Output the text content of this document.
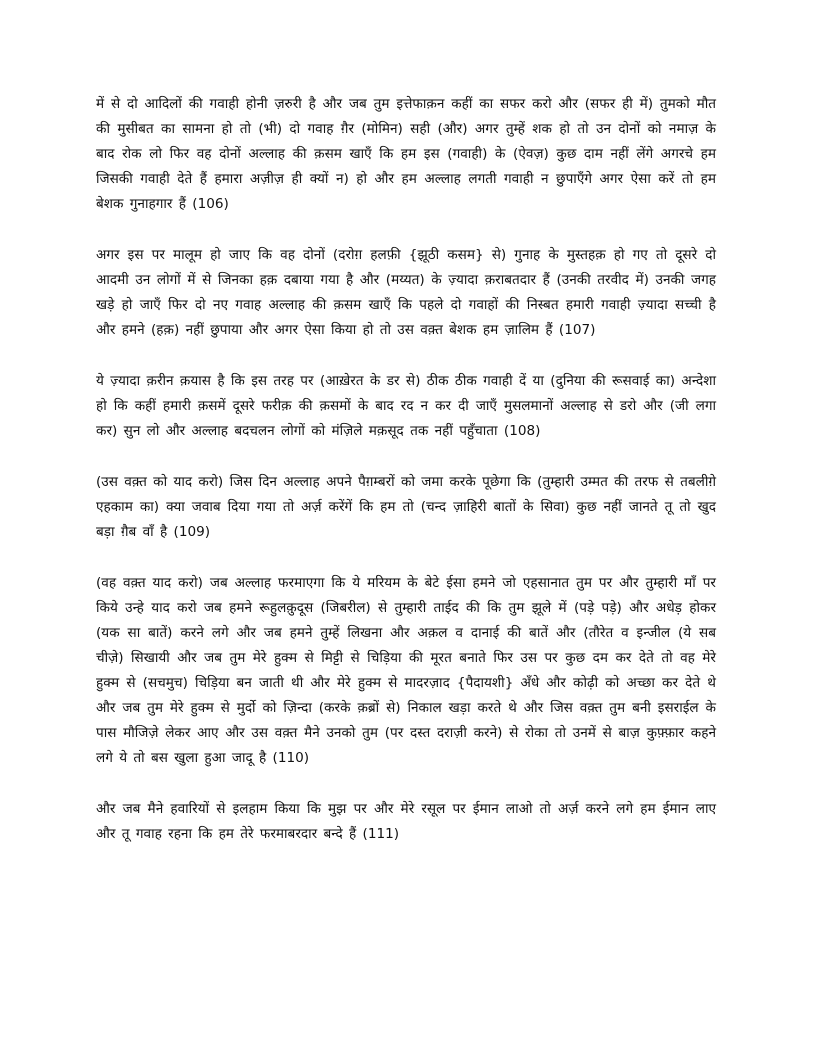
में से दो आदिलों की गवाही होनी ज़रुरी है और जब तुम इत्तेफाक़न कहीं का सफर करो और (सफर ही में) तुमको मौत की मुसीबत का सामना हो तो (भी) दो गवाह ग़ैर (मोमिन) सही (और) अगर तुम्हें शक हो तो उन दोनों को नमाज़ के बाद रोक लो फिर वह दोनों अल्लाह की क़सम खाएँ कि हम इस (गवाही) के (ऐवज़) कुछ दाम नहीं लेंगे अगरचे हम जिसकी गवाही देते हैं हमारा अज़ीज़ ही क्यों न) हो और हम अल्लाह लगती गवाही न छुपाएँगे अगर ऐसा करें तो हम बेशक गुनाहगार हैं (106)

अगर इस पर मालूम हो जाए कि वह दोनों (दरोग़ हलफ़ी {झूठी कसम} से) गुनाह के मुस्तहक़ हो गए तो दूसरे दो आदमी उन लोगों में से जिनका हक़ दबाया गया है और (मय्यत) के ज़्यादा क़राबतदार हैं (उनकी तरवीद में) उनकी जगह खड़े हो जाएँ फिर दो नए गवाह अल्लाह की क़सम खाएँ कि पहले दो गवाहों की निस्बत हमारी गवाही ज़्यादा सच्ची है और हमने (हक़) नहीं छुपाया और अगर ऐसा किया हो तो उस वक़्त बेशक हम ज़ालिम हैं (107)

ये ज़्यादा क़रीन क़यास है कि इस तरह पर (आख़ेरत के डर से) ठीक ठीक गवाही दें या (दुनिया की रूसवाई का) अन्देशा हो कि कहीं हमारी क़समें दूसरे फरीक़ की क़समों के बाद रद न कर दी जाएँ मुसलमानों अल्लाह से डरो और (जी लगा कर) सुन लो और अल्लाह बदचलन लोगों को मंज़िले मक़सूद तक नहीं पहुँचाता (108)

(उस वक़्त को याद करो) जिस दिन अल्लाह अपने पैग़म्बरों को जमा करके पूछेगा कि (तुम्हारी उम्मत की तरफ से तबलीग़े एहकाम का) क्या जवाब दिया गया तो अर्ज़ करेंगें कि हम तो (चन्द ज़ाहिरी बातों के सिवा) कुछ नहीं जानते तू तो खुद बड़ा ग़ैब वाँ है (109)

(वह वक़्त याद करो) जब अल्लाह फरमाएगा कि ये मरियम के बेटे ईसा हमने जो एहसानात तुम पर और तुम्हारी माँ पर किये उन्हे याद करो जब हमने रूहुलक़ुदूस (जिबरील) से तुम्हारी ताईद की कि तुम झूले में (पड़े पड़े) और अधेड़ होकर (यक सा बातें) करने लगे और जब हमने तुम्हें लिखना और अक़ल व दानाई की बातें और (तौरेत व इन्जील (ये सब चीजे़) सिखायी और जब तुम मेरे हुक्म से मिट्टी से चिड़िया की मूरत बनाते फिर उस पर कुछ दम कर देते तो वह मेरे हुक्म से (सचमुच) चिड़िया बन जाती थी और मेरे हुक्म से मादरज़ाद {पैदायशी} अँधे और कोढ़ी को अच्छा कर देते थे और जब तुम मेरे हुक्म से मुर्दो को ज़िन्दा (करके क़ब्रों से) निकाल खड़ा करते थे और जिस वक़्त तुम बनी इसराईल के पास मौजिज़े लेकर आए और उस वक़्त मैने उनको तुम (पर दस्त दराज़ी करने) से रोका तो उनमें से बाज़ कुफ़्फ़ार कहने लगे ये तो बस खुला हुआ जादू है (110)

और जब मैने हवारियों से इलहाम किया कि मुझ पर और मेरे रसूल पर ईमान लाओ तो अर्ज़ करने लगे हम ईमान लाए और तू गवाह रहना कि हम तेरे फरमाबरदार बन्दे हैं (111)
